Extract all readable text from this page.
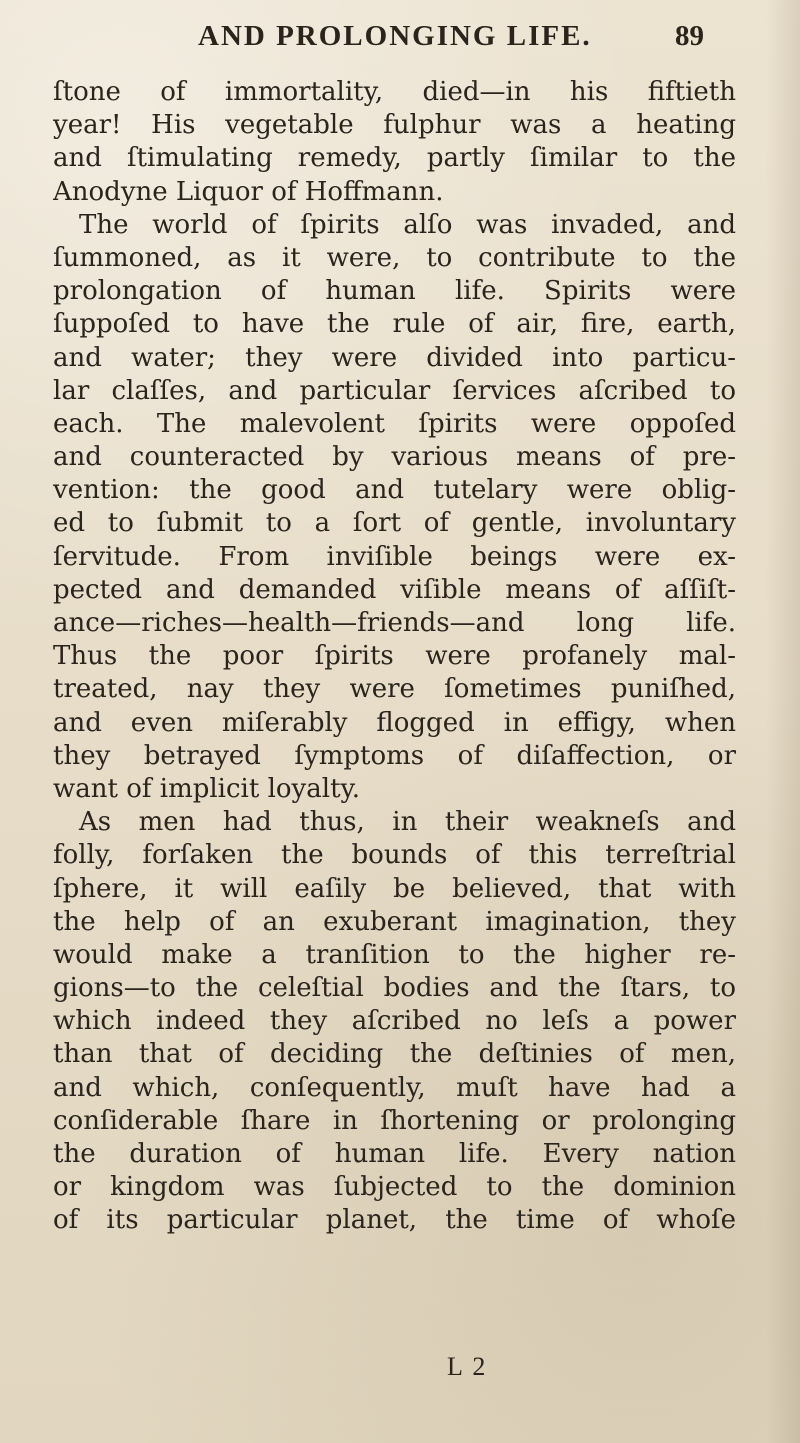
AND PROLONGING LIFE.	89
ſtone of immortality, died—in his fiftieth
year! His vegetable fulphur was a heating
and ſtimulating remedy, partly ſimilar to the
Anodyne Liquor of Hoffmann.
The world of ſpirits alſo was invaded, and
ſummoned, as it were, to contribute to the
prolongation of human life. Spirits were
ſuppoſed to have the rule of air, fire, earth,
and water; they were divided into particu-
lar claſſes, and particular ſervices aſcribed to
each. The malevolent ſpirits were oppoſed
and counteracted by various means of pre-
vention: the good and tutelary were oblig-
ed to ſubmit to a ſort of gentle, involuntary
ſervitude. From inviſible beings were ex-
pected and demanded viſible means of aſſiſt-
ance—riches—health—friends—and long life.
Thus the poor ſpirits were profanely mal-
treated, nay they were ſometimes puniſhed,
and even miſerably flogged in effigy, when
they betrayed ſymptoms of diſaffection, or
want of implicit loyalty.
As men had thus, in their weakneſs and
folly, forſaken the bounds of this terreſtrial
ſphere, it will eaſily be believed, that with
the help of an exuberant imagination, they
would make a tranſition to the higher re-
gions—to the celeſtial bodies and the ſtars, to
which indeed they aſcribed no leſs a power
than that of deciding the deſtinies of men,
and which, conſequently, muſt have had a
conſiderable ſhare in ſhortening or prolonging
the duration of human life. Every nation
or kingdom was ſubjected to the dominion
of its particular planet, the time of whoſe
L 2
